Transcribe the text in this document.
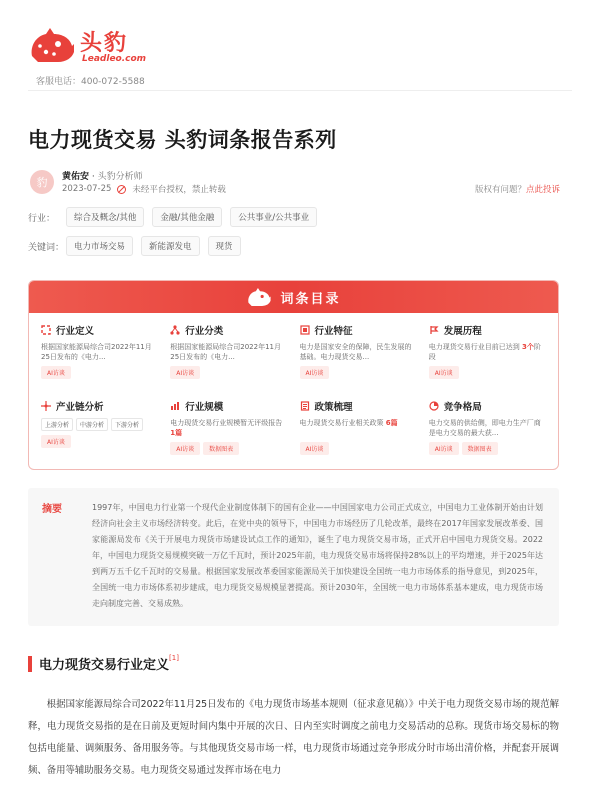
头豹
Leadleo.com
客服电话：400-072-5588
电力现货交易 头豹词条报告系列
豹 黄佑安 · 头豹分析师
2023-07-25 未经平台授权，禁止转载	版权有问题？点此投诉
行业：	综合及概念/其他	金融/其他金融	公共事业/公共事业
关键词：	电力市场交易	新能源发电	现货
词条目录
行业定义
根据国家能源局综合司2022年11月25日发布的《电力...
AI访谈
行业分类
根据国家能源局综合司2022年11月25日发布的《电力...
AI访谈
行业特征
电力是国家安全的保障，民生发展的基础。电力现货交易...
AI访谈
发展历程
电力现货交易行业目前已达到 3个阶段
AI访谈
产业链分析
上游分析	中游分析	下游分析
AI访谈
行业规模
电力现货交易行业规模暂无评级报告 1篇
AI访谈	数据图表
政策梳理
电力现货交易行业相关政策 6篇
AI访谈
竞争格局
电力交易的供给侧，即电力生产厂商是电力交易的最大获...
AI访谈	数据图表
摘要	1997年，中国电力行业第一个现代企业制度体制下的国有企业——中国国家电力公司正式成立，中国电力工业体制开始由计划经济向社会主义市场经济转变。此后，在党中央的领导下，中国电力市场经历了几轮改革，最终在2017年国家发展改革委、国家能源局发布《关于开展电力现货市场建设试点工作的通知》，诞生了电力现货交易市场，正式开启中国电力现货交易。2022年，中国电力现货交易规模突破一万亿千瓦时，预计2025年前，电力现货交易市场将保持28%以上的平均增速，并于2025年达到两万五千亿千瓦时的交易量。根据国家发展改革委国家能源局关于加快建设全国统一电力市场体系的指导意见，到2025年，全国统一电力市场体系初步建成，电力现货交易规模显著提高。预计2030年，全国统一电力市场体系基本建成，电力现货市场走向制度完善、交易成熟。

电力现货交易行业定义[1]

根据国家能源局综合司2022年11月25日发布的《电力现货市场基本规则（征求意见稿）》中关于电力现货交易市场的规范解释，电力现货交易指的是在日前及更短时间内集中开展的次日、日内至实时调度之前电力交易活动的总称。现货市场交易标的物包括电能量、调频服务、备用服务等。与其他现货交易市场一样，电力现货市场通过竞争形成分时市场出清价格，并配套开展调频、备用等辅助服务交易。电力现货交易通过发挥市场在电力
